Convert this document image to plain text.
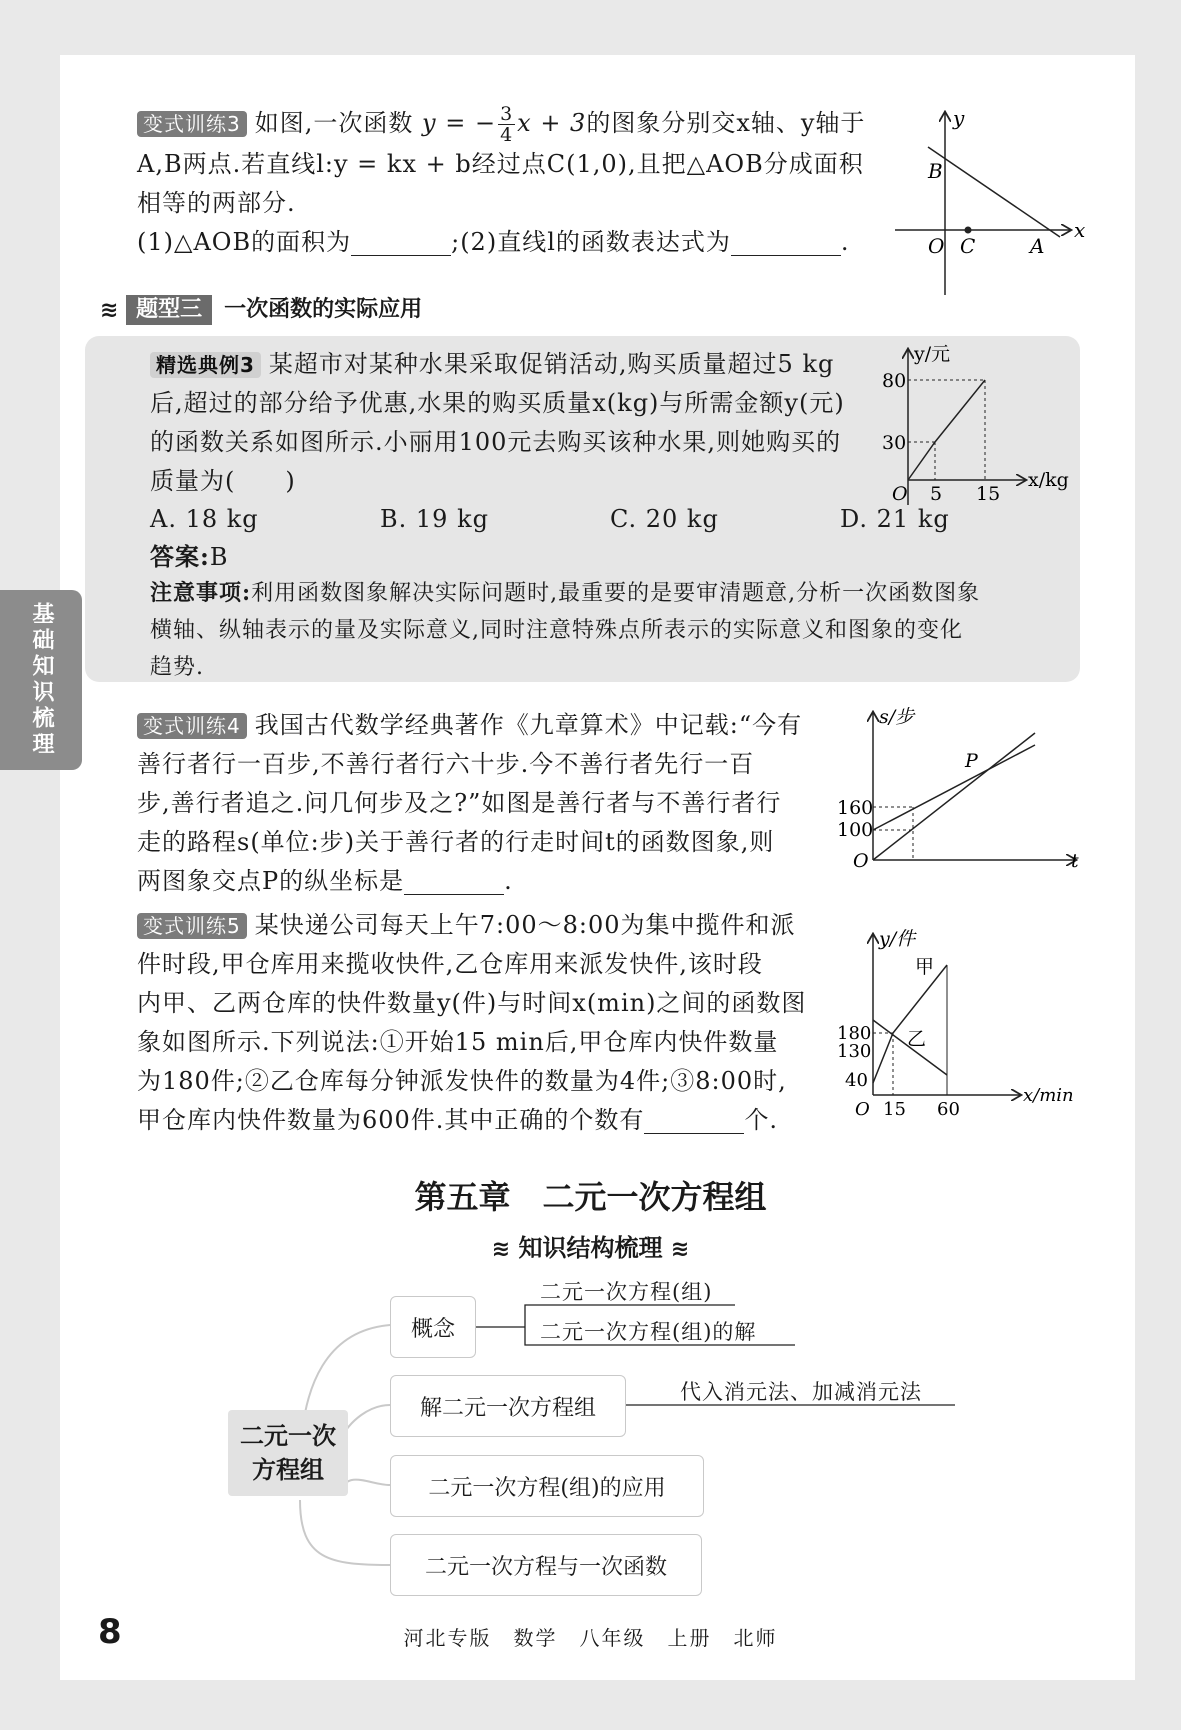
基础知识梳理
变式训练3 如图,一次函数 y = − $\frac{3}{4}$ x + 3的图象分别交x轴、y轴于
A,B两点.若直线l:y = kx + b经过点C(1,0),且把△AOB分成面积
相等的两部分.
(1)△AOB的面积为	;(2)直线l的函数表达式为	.
y
x
B
O C	A
≋ 题型三 一次函数的实际应用
精选典例3 某超市对某种水果采取促销活动,购买质量超过5 kg
后,超过的部分给予优惠,水果的购买质量x(kg)与所需金额y(元)
的函数关系如图所示.小丽用100元去购买该种水果,则她购买的
质量为(　　)
A. 18 kg	B. 19 kg	C. 20 kg	D. 21 kg
答案:B
注意事项:利用函数图象解决实际问题时,最重要的是要审清题意,分析一次函数图象
横轴、纵轴表示的量及实际意义,同时注意特殊点所表示的实际意义和图象的变化
趋势.
y/元
x/kg
80
30
O 5 15
变式训练4 我国古代数学经典著作《九章算术》中记载:“今有
善行者行一百步,不善行者行六十步.今不善行者先行一百
步,善行者追之.问几何步及之?”如图是善行者与不善行者行
走的路程s(单位:步)关于善行者的行走时间t的函数图象,则
两图象交点P的纵坐标是	.
s/步
P
160
100
O	t
变式训练5 某快递公司每天上午7:00～8:00为集中揽件和派
件时段,甲仓库用来揽收快件,乙仓库用来派发快件,该时段
内甲、乙两仓库的快件数量y(件)与时间x(min)之间的函数图
象如图所示.下列说法:①开始15 min后,甲仓库内快件数量
为180件;②乙仓库每分钟派发快件的数量为4件;③8:00时,
甲仓库内快件数量为600件.其中正确的个数有	个.
y/件
甲
乙
180
130
40
O 15 60
x/min
第五章　二元一次方程组
≋ 知识结构梳理 ≋
二元一次
方程组
概念
二元一次方程(组)
二元一次方程(组)的解
解二元一次方程组
代入消元法、加减消元法
二元一次方程(组)的应用
二元一次方程与一次函数
8	河北专版　数学　八年级　上册　北师
